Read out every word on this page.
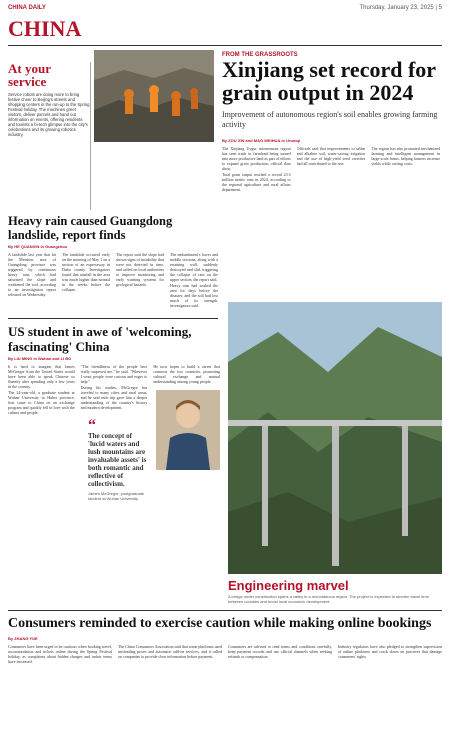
CHINA DAILY	Thursday, January 23, 2025 | 5
CHINA
At your service

Service robots are doing more to bring festive cheer to Beijing's streets and shopping centers in the run-up to the Spring Festival holiday. The machines greet visitors, deliver parcels and hand out information on events, offering residents and tourists a hi-tech glimpse into the city's celebrations and its growing robotics industry.

FROM THE GRASSROOTS
Xinjiang set record for grain output in 2024
Improvement of autonomous region's soil enables growing farming activity
By ZOU XIN and MAO WEIHUA in Urumqi

The Xinjiang Uygur autonomous region has seen trade in farmland being turned into more productive land as part of efforts to expand grain production, official data show.

Total grain output reached a record 23.3 million metric tons in 2024, according to the regional agriculture and rural affairs department.

Officials said that improvements to saline and alkaline soil, water-saving irrigation and the use of high-yield seed varieties had all contributed to the rise.

The region has also promoted mechanized farming and intelligent management in large-scale farms, helping farmers increase yields while cutting costs.

Heavy rain caused Guangdong landslide, report finds
By HE QUANXIN in Guangzhou

A landslide last year that hit the Meizhou area of Guangdong province was triggered by continuous heavy rain, which had saturated the slope and weakened the soil, according to an investigation report released on Wednesday.

The landslide occurred early on the morning of May 1 on a section of an expressway in Dabu county. Investigators found that rainfall in the area was much higher than normal in the weeks before the collapse.

The report said the slope had shown signs of instability that were not detected in time, and called on local authorities to improve monitoring and early warning systems for geological hazards.

The embankment's lower and middle sections, along with a retaining wall, suddenly destroyed and slid, triggering the collapse of rain on the upper section, the report said.

Heavy rain had soaked the area for days before the disaster, and the soil had lost much of its strength, investigators said.

US student in awe of 'welcoming, fascinating' China
By LIU MING in Wuhan and LI BO

It is hard to imagine that James McGregor from the United States would have been able to speak Chinese so fluently after spending only a few years in the country.

The 24-year-old, a graduate student at Wuhan University in Hubei province, first came to China on an exchange program and quickly fell in love with the culture and people.

"The friendliness of the people here really surprised me," he said. "Wherever I went, people were curious and eager to help."

During his studies, McGregor has traveled to many cities and rural areas, and he said each trip gave him a deeper understanding of the country's history and modern development.

He now hopes to build a career that connects the two countries, promoting cultural exchange and mutual understanding among young people.

“
The concept of 'lucid waters and lush mountains are invaluable assets' is both romantic and reflective of collectivism.
James McGregor, postgraduate student at Wuhan University
Engineering marvel
A bridge under construction spans a valley in a mountainous region. The project is expected to shorten travel time between counties and boost local economic development.
Consumers reminded to exercise caution while making online bookings
By ZHANG YUE

Consumers have been urged to be cautious when booking travel, accommodation and tickets online during the Spring Festival holiday, as complaints about hidden charges and unfair terms have increased.

The China Consumers Association said that some platforms used misleading prices and automatic add-on services, and it called on companies to provide clear information before payment.

Consumers are advised to read terms and conditions carefully, keep payment records and use official channels when seeking refunds or compensation.

Industry regulators have also pledged to strengthen supervision of online platforms and crack down on practices that damage consumers' rights.
